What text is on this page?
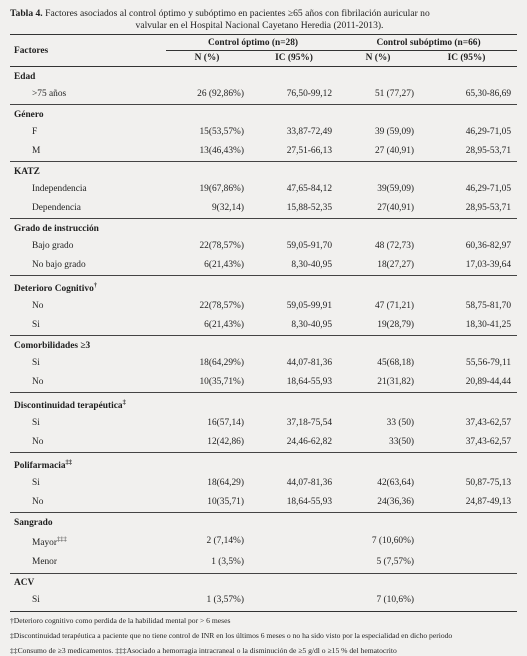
Tabla 4. Factores asociados al control óptimo y subóptimo en pacientes ≥65 años con fibrilación auricular no
valvular en el Hospital Nacional Cayetano Heredia (2011-2013).
Factores	Control óptimo (n=28)		Control subóptimo (n=66)	
	N (%)	IC (95%)	N (%)	IC (95%)
Edad				
>75 años	26 (92,86%)	76,50-99,12	51 (77,27)	65,30-86,69
Género				
F	15(53,57%)	33,87-72,49	39 (59,09)	46,29-71,05
M	13(46,43%)	27,51-66,13	27 (40,91)	28,95-53,71
KATZ				
Independencia	19(67,86%)	47,65-84,12	39(59,09)	46,29-71,05
Dependencia	9(32,14)	15,88-52,35	27(40,91)	28,95-53,71
Grado de instrucción				
Bajo grado	22(78,57%)	59,05-91,70	48 (72,73)	60,36-82,97
No bajo grado	6(21,43%)	8,30-40,95	18(27,27)	17,03-39,64
Deterioro Cognitivo†
No	22(78,57%)	59,05-99,91	47 (71,21)	58,75-81,70
Si	6(21,43%)	8,30-40,95	19(28,79)	18,30-41,25
Comorbilidades ≥3				
Si	18(64,29%)	44,07-81,36	45(68,18)	55,56-79,11
No	10(35,71%)	18,64-55,93	21(31,82)	20,89-44,44
Discontinuidad terapéutica‡
Si	16(57,14)	37,18-75,54	33 (50)	37,43-62,57
No	12(42,86)	24,46-62,82	33(50)	37,43-62,57
Polifarmacia‡‡
Si	18(64,29)	44,07-81,36	42(63,64)	50,87-75,13
No	10(35,71)	18,64-55,93	24(36,36)	24,87-49,13
Sangrado				
Mayor‡‡‡	2 (7,14%)		7 (10,60%)	
Menor	1 (3,5%)		5 (7,57%)	
ACV				
Si	1 (3,57%)		7 (10,6%)	

†Deterioro cognitivo como perdida de la habilidad mental por > 6 meses

‡Discontinuidad terapéutica a paciente que no tiene control de INR en los últimos 6 meses o no ha sido visto por la especialidad en dicho periodo

‡‡Consumo de ≥3 medicamentos. ‡‡‡Asociado a hemorragia intracraneal o la disminución de ≥5 g/dl o ≥15 % del hematocrito
